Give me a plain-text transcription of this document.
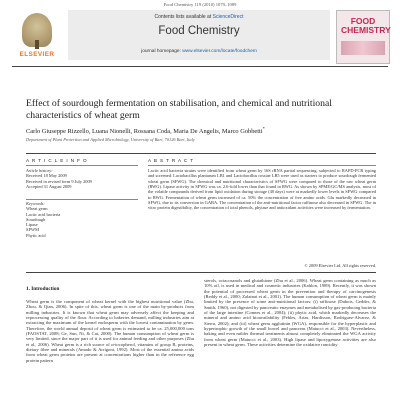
Food Chemistry 119 (2010) 1079–1089
ELSEVIER
Contents lists available at ScienceDirect
Food Chemistry
journal homepage: www.elsevier.com/locate/foodchem
FOOD CHEMISTRY
Effect of sourdough fermentation on stabilisation, and chemical and nutritional characteristics of wheat germ
Carlo Giuseppe Rizzello, Luana Nionelli, Rossana Coda, Maria De Angelis, Marco Gobbetti*
Department of Plant Protection and Applied Microbiology, University of Bari, 70126 Bari, Italy
A R T I C L E I N F O	A B S T R A C T
Article history:
Received 18 May 2009
Received in revised form 9 July 2009
Accepted 31 August 2009
Keywords:
Wheat germ
Lactic acid bacteria
Sourdough
Lipase
SPWM
Phytic acid
Lactic acid bacteria strains were identified from wheat germ by 16S rRNA partial sequencing, subjected to RAPD-PCR typing and screened. Lactobacillus plantarum LB1 and Lactobacillus rossiae LB5 were used as starters to produce sourdough fermented wheat germ (SFWG). The chemical and nutritional characteristics of SFWG were compared to those of the raw wheat germ (RWG). Lipase activity in SFWG was ca. 2.6-fold lower than that found in RWG. As shown by SPME/GC/MS analysis, most of the volatile compounds derived from lipid oxidation during storage (40 days) were at markedly lower levels in SFWG compared to RWG. Fermentation of wheat germ increased of ca. 50% the concentration of free amino acids. Glu markedly decreased in SFWG, due to its conversion in GABA. The concentration of the anti-nutritional factor raffinose also decreased in SFWG. The in vitro protein digestibility, the concentration of total phenols, phytase and antioxidant activities were increased by fermentation.
© 2009 Elsevier Ltd. All rights reserved.
1. Introduction
Wheat germ is the component of wheat kernel with the highest nutritional value (Zhu, Zhou, & Qian, 2006). In spite of this, wheat germ is one of the main by-products from milling industries. It is known that wheat germ may adversely affect the keeping and reprocessing quality of the flour. According to bakeries demand, milling industries aim at extracting the maximum of the kernel endosperm with the lowest contamination by germ. Therefore, the world annual deposit of wheat germ is estimated to be ca. 25,000,000 tons (FAOSTAT, 2008; Ge, Sun, Ni, & Cai, 2000). The human consumption of wheat germ is very limited, since the major part of it is used for animal feeding and other purposes (Zhu et al., 2006). Wheat germ is a rich source of α-tocopherol, vitamins of group B, proteins, dietary fibre and minerals (Amado & Arrigoni, 1992). Most of the essential amino acids from wheat germ proteins are present at concentrations higher than in the reference egg protein pattern
sterols, octacosanols and glutathione (Zhu et al., 2006). Wheat germ containing as much as 10% oil, is used in medical and cosmetic industries (Kahlon, 1989). Recently, it was shown the potential of processed wheat germ in the prevention and therapy of carcinogenesis (Reddy et al., 2000; Zalatnai et al., 2001). The human consumption of wheat germ is mainly limited by the presence of some anti-nutritional factors: (i) raffinose (Dubois, Geddes, & Smith, 1960), not digested by pancreatic enzymes and metabolised by gas-producing bacteria of the large intestine (Connes et al., 2004); (ii) phytic acid, which markedly decreases the mineral and amino acid bioavailability (Febles, Arias, Hardisson, Rodriguez-Alvarez, & Sierra, 2002); and (iii) wheat germ agglutinin (WGA), responsible for the hyperplastic and hypertrophic growth of the small bowel and pancreas (Matucci et al., 2003). Nevertheless, baking and even milder thermal treatments almost completely eliminated the WGA activity from wheat germ (Matucci et al., 2003). High lipase and lipoxygenase activities are also present in wheat germ. These activities determine the oxidative rancidity
